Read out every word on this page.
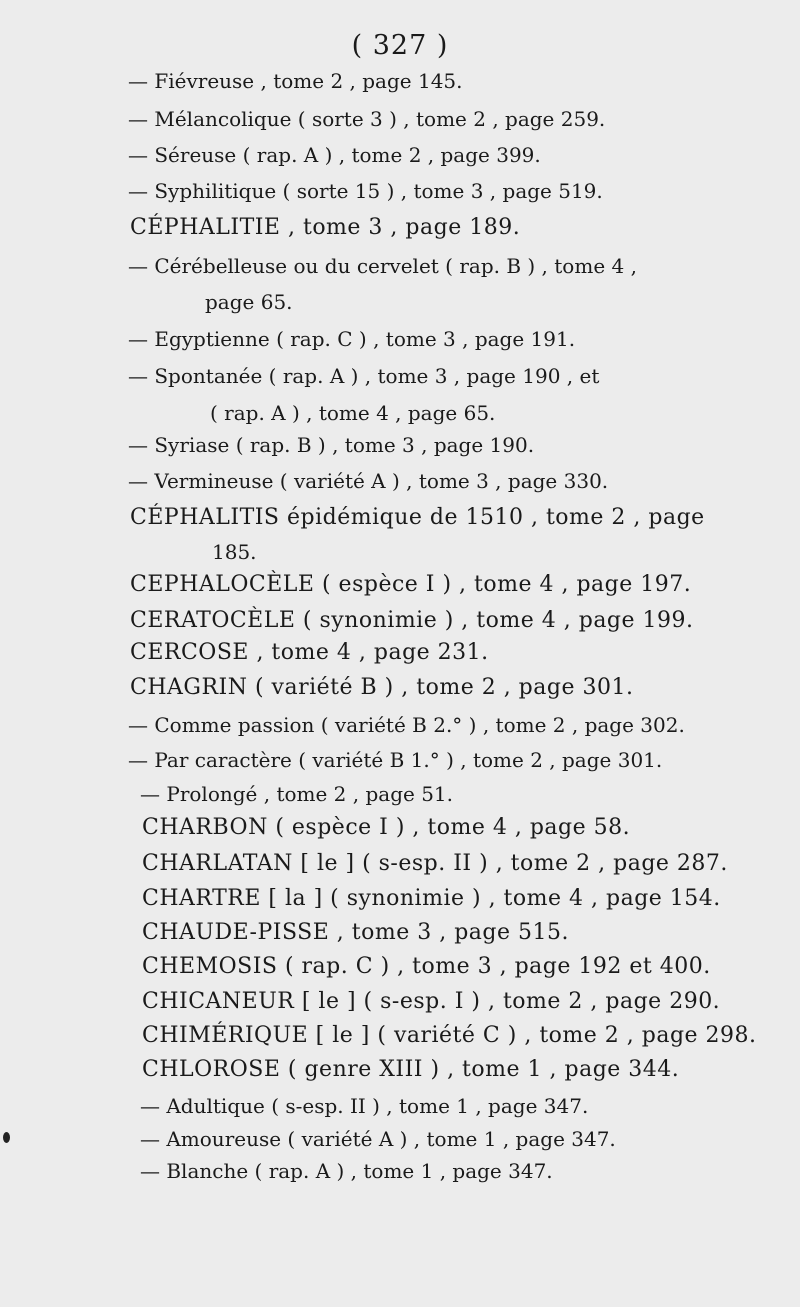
( 327 )
— Fiévreuse , tome 2 , page 145.
— Mélancolique ( sorte 3 ) , tome 2 , page 259.
— Séreuse ( rap. A ) , tome 2 , page 399.
— Syphilitique ( sorte 15 ) , tome 3 , page 519.
CÉPHALITIE , tome 3 , page 189.
— Cérébelleuse ou du cervelet ( rap. B ) , tome 4 ,
page 65.
— Egyptienne ( rap. C ) , tome 3 , page 191.
— Spontanée ( rap. A ) , tome 3 , page 190 , et
( rap. A ) , tome 4 , page 65.
— Syriase ( rap. B ) , tome 3 , page 190.
— Vermineuse ( variété A ) , tome 3 , page 330.
CÉPHALITIS épidémique de 1510 , tome 2 , page
185.
CEPHALOCÈLE ( espèce I ) , tome 4 , page 197.
CERATOCÈLE ( synonimie ) , tome 4 , page 199.
CERCOSE , tome 4 , page 231.
CHAGRIN ( variété B ) , tome 2 , page 301.
— Comme passion ( variété B 2.° ) , tome 2 , page 302.
— Par caractère ( variété B 1.° ) , tome 2 , page 301.
— Prolongé , tome 2 , page 51.
CHARBON ( espèce I ) , tome 4 , page 58.
CHARLATAN [ le ] ( s-esp. II ) , tome 2 , page 287.
CHARTRE [ la ] ( synonimie ) , tome 4 , page 154.
CHAUDE-PISSE , tome 3 , page 515.
CHEMOSIS ( rap. C ) , tome 3 , page 192 et 400.
CHICANEUR [ le ] ( s-esp. I ) , tome 2 , page 290.
CHIMÉRIQUE [ le ] ( variété C ) , tome 2 , page 298.
CHLOROSE ( genre XIII ) , tome 1 , page 344.
— Adultique ( s-esp. II ) , tome 1 , page 347.
— Amoureuse ( variété A ) , tome 1 , page 347.
— Blanche ( rap. A ) , tome 1 , page 347.
